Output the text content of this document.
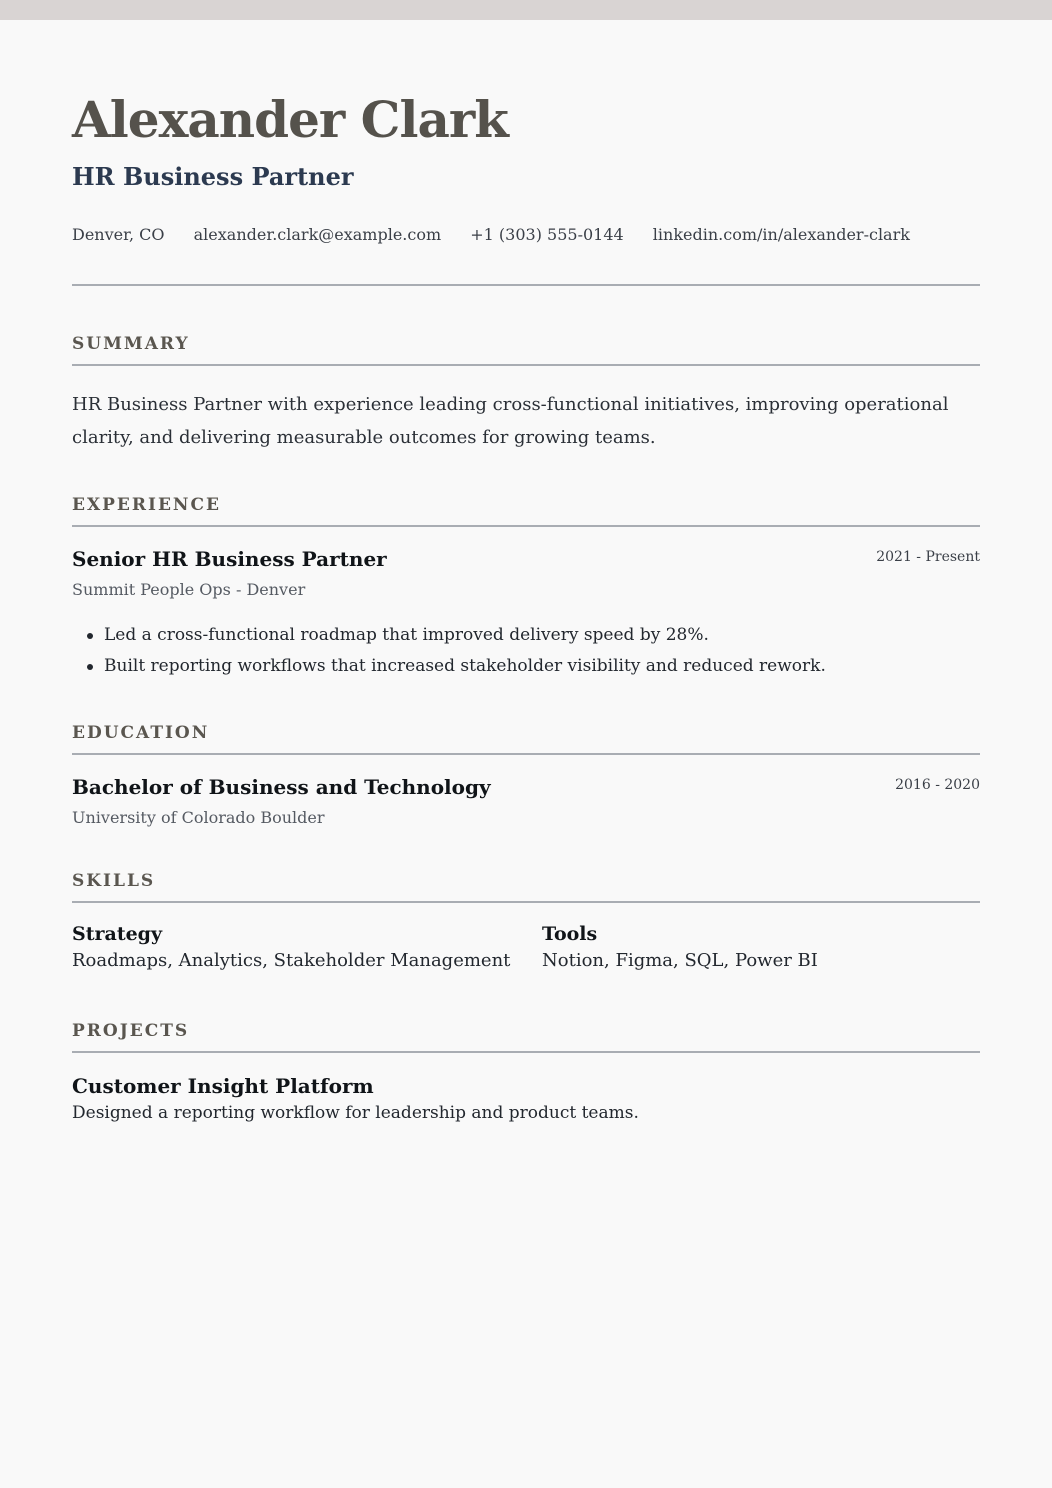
Alexander Clark
HR Business Partner
Denver, CO alexander.clark@example.com +1 (303) 555-0144 linkedin.com/in/alexander-clark
SUMMARY
HR Business Partner with experience leading cross-functional initiatives, improving operational clarity, and delivering measurable outcomes for growing teams.
EXPERIENCE
Senior HR Business Partner	2021 - Present
Summit People Ops - Denver
Led a cross-functional roadmap that improved delivery speed by 28%.
Built reporting workflows that increased stakeholder visibility and reduced rework.
EDUCATION
Bachelor of Business and Technology	2016 - 2020
University of Colorado Boulder
SKILLS
Strategy
Roadmaps, Analytics, Stakeholder Management
Tools
Notion, Figma, SQL, Power BI
PROJECTS
Customer Insight Platform
Designed a reporting workflow for leadership and product teams.
